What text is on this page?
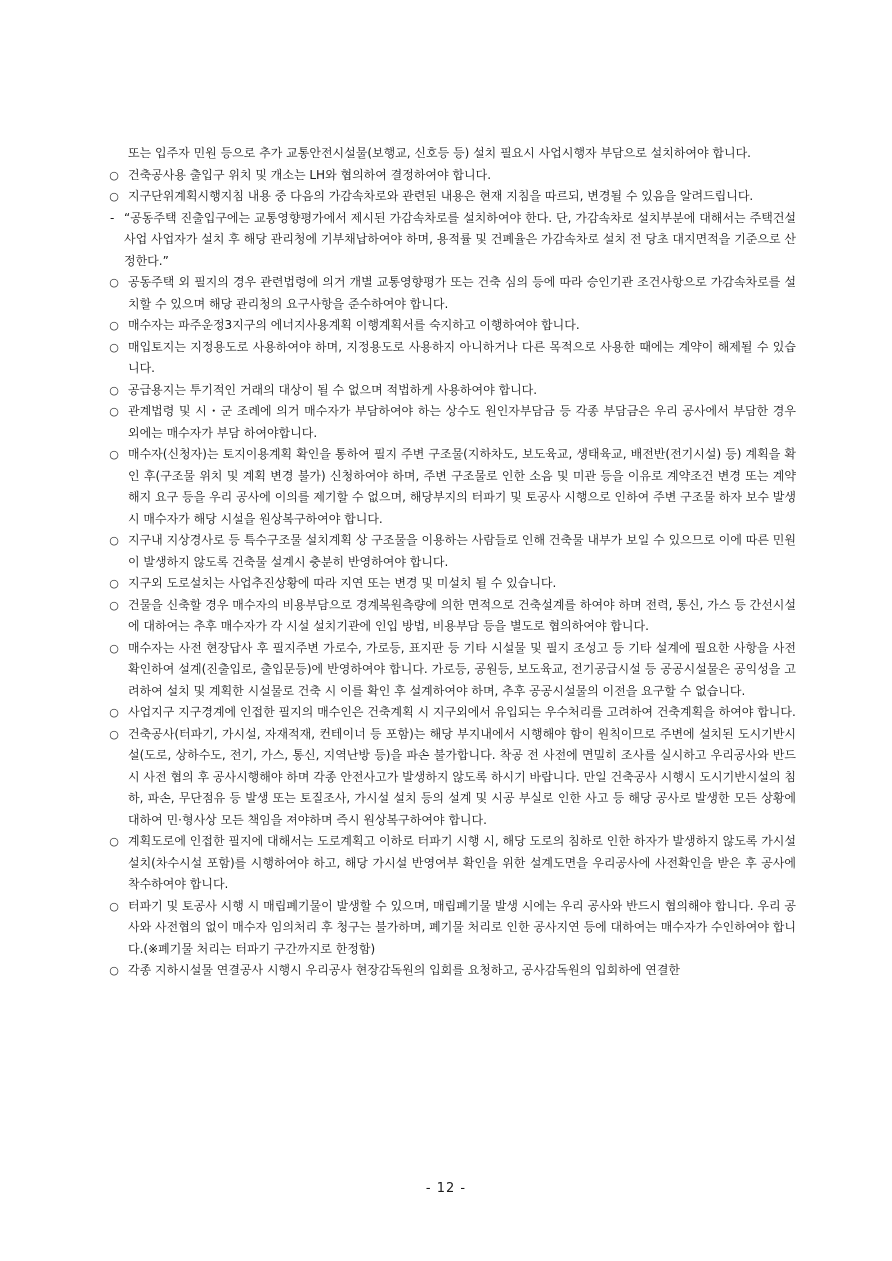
또는 입주자 민원 등으로 추가 교통안전시설물(보행교, 신호등 등) 설치 필요시 사업시행자 부담으로 설치하여야 합니다.

○ 건축공사용 출입구 위치 및 개소는 LH와 협의하여 결정하여야 합니다.

○ 지구단위계획시행지침 내용 중 다음의 가감속차로와 관련된 내용은 현재 지침을 따르되, 변경될 수 있음을 알려드립니다.

- “공동주택 진출입구에는 교통영향평가에서 제시된 가감속차로를 설치하여야 한다. 단, 가감속차로 설치부분에 대해서는 주택건설사업 사업자가 설치 후 해당 관리청에 기부채납하여야 하며, 용적률 및 건폐율은 가감속차로 설치 전 당초 대지면적을 기준으로 산정한다.”

○ 공동주택 외 필지의 경우 관련법령에 의거 개별 교통영향평가 또는 건축 심의 등에 따라 승인기관 조건사항으로 가감속차로를 설치할 수 있으며 해당 관리청의 요구사항을 준수하여야 합니다.

○ 매수자는 파주운정3지구의 에너지사용계획 이행계획서를 숙지하고 이행하여야 합니다.

○ 매입토지는 지정용도로 사용하여야 하며, 지정용도로 사용하지 아니하거나 다른 목적으로 사용한 때에는 계약이 해제될 수 있습니다.

○ 공급용지는 투기적인 거래의 대상이 될 수 없으며 적법하게 사용하여야 합니다.

○ 관계법령 및 시・군 조례에 의거 매수자가 부담하여야 하는 상수도 원인자부담금 등 각종 부담금은 우리 공사에서 부담한 경우 외에는 매수자가 부담 하여야합니다.

○ 매수자(신청자)는 토지이용계획 확인을 통하여 필지 주변 구조물(지하차도, 보도육교, 생태육교, 배전반(전기시설) 등) 계획을 확인 후(구조물 위치 및 계획 변경 불가) 신청하여야 하며, 주변 구조물로 인한 소음 및 미관 등을 이유로 계약조건 변경 또는 계약해지 요구 등을 우리 공사에 이의를 제기할 수 없으며, 해당부지의 터파기 및 토공사 시행으로 인하여 주변 구조물 하자 보수 발생 시 매수자가 해당 시설을 원상복구하여야 합니다.

○ 지구내 지상경사로 등 특수구조물 설치계획 상 구조물을 이용하는 사람들로 인해 건축물 내부가 보일 수 있으므로 이에 따른 민원이 발생하지 않도록 건축물 설계시 충분히 반영하여야 합니다.

○ 지구외 도로설치는 사업추진상황에 따라 지연 또는 변경 및 미설치 될 수 있습니다.

○ 건물을 신축할 경우 매수자의 비용부담으로 경계복원측량에 의한 면적으로 건축설계를 하여야 하며 전력, 통신, 가스 등 간선시설에 대하여는 추후 매수자가 각 시설 설치기관에 인입 방법, 비용부담 등을 별도로 협의하여야 합니다.

○ 매수자는 사전 현장답사 후 필지주변 가로수, 가로등, 표지판 등 기타 시설물 및 필지 조성고 등 기타 설계에 필요한 사항을 사전 확인하여 설계(진출입로, 출입문등)에 반영하여야 합니다. 가로등, 공원등, 보도육교, 전기공급시설 등 공공시설물은 공익성을 고려하여 설치 및 계획한 시설물로 건축 시 이를 확인 후 설계하여야 하며, 추후 공공시설물의 이전을 요구할 수 없습니다.

○ 사업지구 지구경계에 인접한 필지의 매수인은 건축계획 시 지구외에서 유입되는 우수처리를 고려하여 건축계획을 하여야 합니다.

○ 건축공사(터파기, 가시설, 자재적재, 컨테이너 등 포함)는 해당 부지내에서 시행해야 함이 원칙이므로 주변에 설치된 도시기반시설(도로, 상하수도, 전기, 가스, 통신, 지역난방 등)을 파손 불가합니다. 착공 전 사전에 면밀히 조사를 실시하고 우리공사와 반드시 사전 협의 후 공사시행해야 하며 각종 안전사고가 발생하지 않도록 하시기 바랍니다. 만일 건축공사 시행시 도시기반시설의 침하, 파손, 무단점유 등 발생 또는 토질조사, 가시설 설치 등의 설계 및 시공 부실로 인한 사고 등 해당 공사로 발생한 모든 상황에 대하여 민·형사상 모든 책임을 져야하며 즉시 원상복구하여야 합니다.

○ 계획도로에 인접한 필지에 대해서는 도로계획고 이하로 터파기 시행 시, 해당 도로의 침하로 인한 하자가 발생하지 않도록 가시설 설치(차수시설 포함)를 시행하여야 하고, 해당 가시설 반영여부 확인을 위한 설계도면을 우리공사에 사전확인을 받은 후 공사에 착수하여야 합니다.

○ 터파기 및 토공사 시행 시 매립폐기물이 발생할 수 있으며, 매립폐기물 발생 시에는 우리 공사와 반드시 협의해야 합니다. 우리 공사와 사전협의 없이 매수자 임의처리 후 청구는 불가하며, 폐기물 처리로 인한 공사지연 등에 대하여는 매수자가 수인하여야 합니다.(※폐기물 처리는 터파기 구간까지로 한정함)

○ 각종 지하시설물 연결공사 시행시 우리공사 현장감독원의 입회를 요청하고, 공사감독원의 입회하에 연결한

- 12 -
